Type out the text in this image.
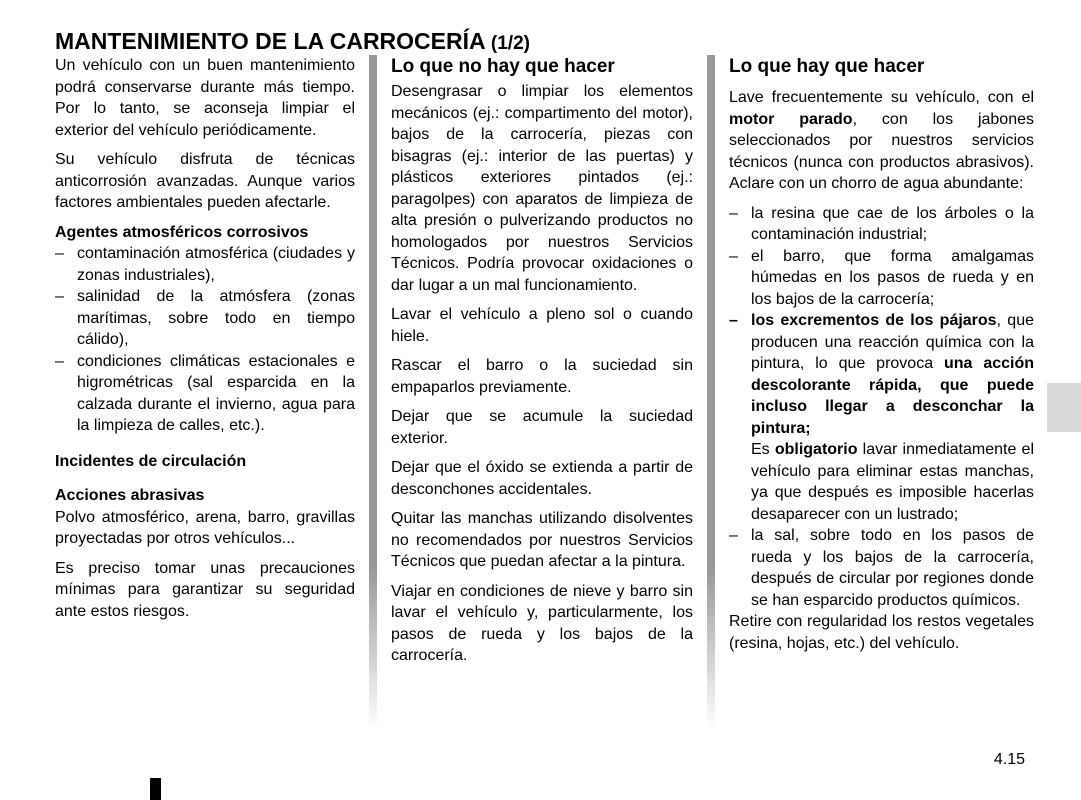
MANTENIMIENTO DE LA CARROCERÍA (1/2)

Un vehículo con un buen mantenimiento podrá conservarse durante más tiempo. Por lo tanto, se aconseja limpiar el exterior del vehículo periódicamente.

Su vehículo disfruta de técnicas anticorrosión avanzadas. Aunque varios factores ambientales pueden afectarle.

Agentes atmosféricos corrosivos
– contaminación atmosférica (ciudades y zonas industriales),
– salinidad de la atmósfera (zonas marítimas, sobre todo en tiempo cálido),
– condiciones climáticas estacionales e higrométricas (sal esparcida en la calzada durante el invierno, agua para la limpieza de calles, etc.).
Incidentes de circulación
Acciones abrasivas

Polvo atmosférico, arena, barro, gravillas proyectadas por otros vehículos...

Es preciso tomar unas precauciones mínimas para garantizar su seguridad ante estos riesgos.

Lo que no hay que hacer

Desengrasar o limpiar los elementos mecánicos (ej.: compartimento del motor), bajos de la carrocería, piezas con bisagras (ej.: interior de las puertas) y plásticos exteriores pintados (ej.: paragolpes) con aparatos de limpieza de alta presión o pulverizando productos no homologados por nuestros Servicios Técnicos. Podría provocar oxidaciones o dar lugar a un mal funcionamiento.

Lavar el vehículo a pleno sol o cuando hiele.

Rascar el barro o la suciedad sin empaparlos previamente.

Dejar que se acumule la suciedad exterior.

Dejar que el óxido se extienda a partir de desconchones accidentales.

Quitar las manchas utilizando disolventes no recomendados por nuestros Servicios Técnicos que puedan afectar a la pintura.

Viajar en condiciones de nieve y barro sin lavar el vehículo y, particularmente, los pasos de rueda y los bajos de la carrocería.

Lo que hay que hacer

Lave frecuentemente su vehículo, con el motor parado, con los jabones seleccionados por nuestros servicios técnicos (nunca con productos abrasivos). Aclare con un chorro de agua abundante:

– la resina que cae de los árboles o la contaminación industrial;
– el barro, que forma amalgamas húmedas en los pasos de rueda y en los bajos de la carrocería;
– los excrementos de los pájaros, que producen una reacción química con la pintura, lo que provoca una acción descolorante rápida, que puede incluso llegar a desconchar la pintura;
Es obligatorio lavar inmediatamente el vehículo para eliminar estas manchas, ya que después es imposible hacerlas desaparecer con un lustrado;
– la sal, sobre todo en los pasos de rueda y los bajos de la carrocería, después de circular por regiones donde se han esparcido productos químicos.

Retire con regularidad los restos vegetales (resina, hojas, etc.) del vehículo.

4.15
